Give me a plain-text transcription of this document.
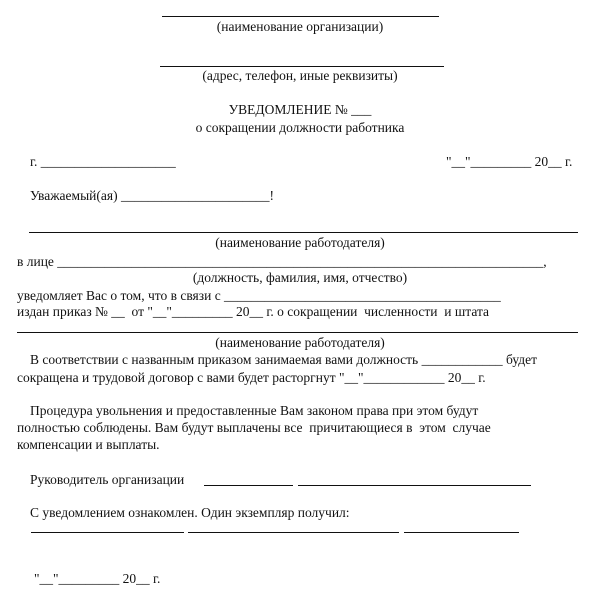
(наименование организации)
(адрес, телефон, иные реквизиты)
УВЕДОМЛЕНИЕ № ___
о сокращении должности работника
г. ____________________	"__"_________ 20__ г.
Уважаемый(ая) ______________________!
(наименование работодателя)
в лице ________________________________________________________________________,
(должность, фамилия, имя, отчество)
уведомляет Вас о том, что в связи с _________________________________________
издан приказ № __  от "__"_________ 20__ г. о сокращении  численности  и штата
(наименование работодателя)
В соответствии с названным приказом занимаемая вами должность ____________ будет
сокращена и трудовой договор с вами будет расторгнут "__"____________ 20__ г.
Процедура увольнения и предоставленные Вам законом права при этом будут
полностью соблюдены. Вам будут выплачены все  причитающиеся в  этом  случае
компенсации и выплаты.
Руководитель организации
С уведомлением ознакомлен. Один экземпляр получил:
"__"_________ 20__ г.
